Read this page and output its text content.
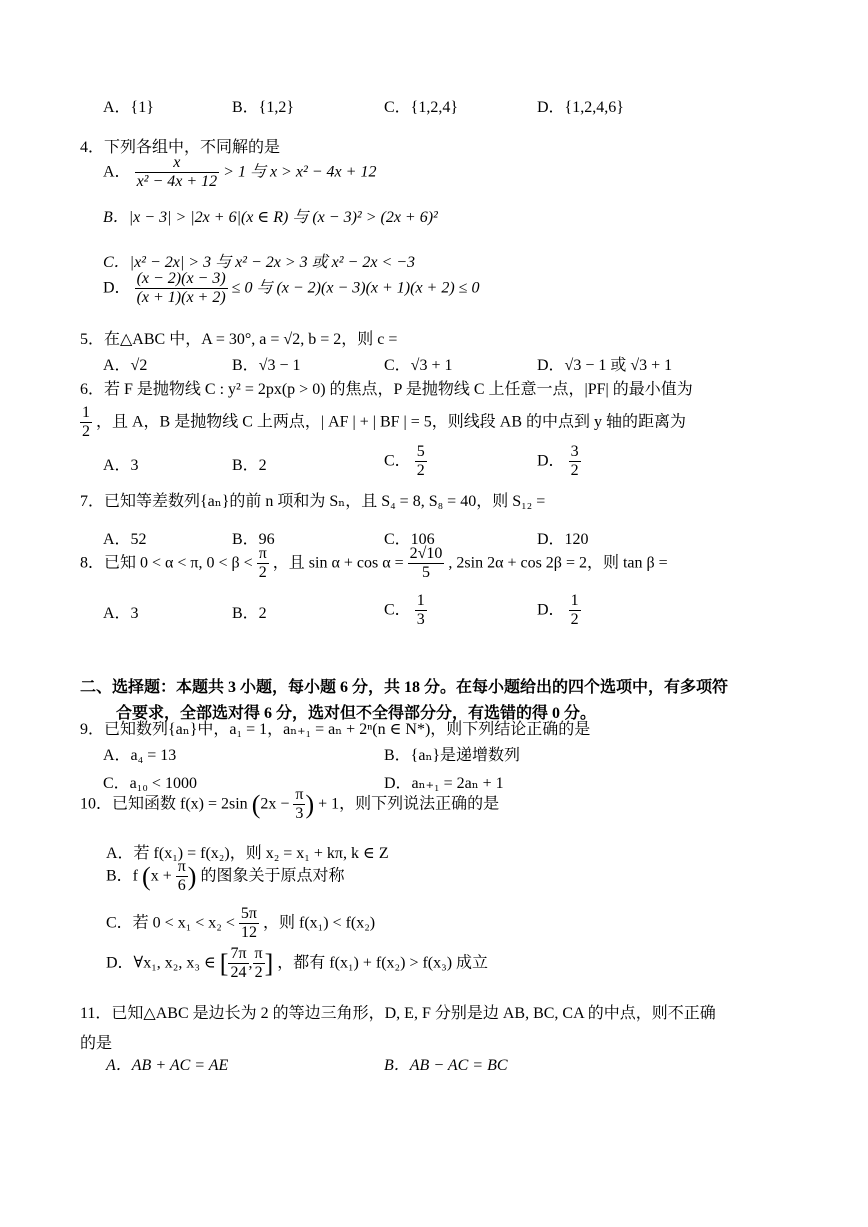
A．{1}	B．{1,2}	C．{1,2,4}	D．{1,2,4,6}
4．下列各组中，不同解的是
A． $\frac{x}{\text{x² − 4x + 12}} > 1$ 与 x > x² − 4x + 12
B．|x − 3| > |2x + 6|(x ∈ R) 与 (x − 3)² > (2x + 6)²
C．|x² − 2x| > 3 与 x² − 2x > 3 或 x² − 2x < −3
D． $\frac{(x - 2)(x - 3)}{(x + 1)(x + 2)} \le 0$ 与 (x − 2)(x − 3)(x + 1)(x + 2) ≤ 0
5．在△ABC 中，A = 30°, a = √2, b = 2，则 c =
A．√2	B．√3 − 1	C．√3 + 1	D．√3 − 1 或 √3 + 1
6．若 F 是抛物线 C : y² = 2px(p > 0) 的焦点，P 是抛物线 C 上任意一点，|PF| 的最小值为
$\frac{1}{2}$ ，且 A，B 是抛物线 C 上两点，| AF | + | BF | = 5，则线段 AB 的中点到 y 轴的距离为
A．3	B．2	C． $\frac{5}{2}$	D． $\frac{3}{2}$
7．已知等差数列{aₙ}的前 n 项和为 Sₙ，且 S₄ = 8, S₈ = 40，则 S₁₂ =
A．52	B．96	C．106	D．120
8．已知 0 < α < π, $0 < \beta < \frac{\pi}{2}$ ，且 $\sin \alpha + \cos \alpha = \frac{2√10}{5}$ , 2sin 2α + cos 2β = 2，则 tan β =
A．3	B．2	C． $\frac{1}{3}$	D． $\frac{1}{2}$
二、选择题：本题共 3 小题，每小题 6 分，共 18 分。在每小题给出的四个选项中，有多项符
合要求，全部选对得 6 分，选对但不全得部分分，有选错的得 0 分。
9．已知数列{aₙ}中，a₁ = 1，aₙ₊₁ = aₙ + 2ⁿ(n ∈ N*)，则下列结论正确的是
A．a₄ = 13	B．{aₙ}是递增数列
C．a₁₀ < 1000	D．aₙ₊₁ = 2aₙ + 1
10．已知函数 f(x) = 2sin ($2x - \frac{\pi}{3}$ ) + 1，则下列说法正确的是
A．若 f(x₁) = f(x₂)，则 x₂ = x₁ + kπ, k ∈ Z
B．f ($x + \frac{\pi}{6}$ ) 的图象关于原点对称
C．若 $0 < x_1 < x_2 < \frac{5\pi}{12}$ ，则 f(x₁) < f(x₂)
D．∀x₁, x₂, x₃ ∈ [ $\frac{7\pi}{24}$ , $\frac{\pi}{2}$ ] ，都有 f(x₁) + f(x₂) > f(x₃) 成立
11．已知△ABC 是边长为 2 的等边三角形，D, E, F 分别是边 AB, BC, CA 的中点，则不正确
的是
A．AB + AC = AE	B．AB − AC = BC
